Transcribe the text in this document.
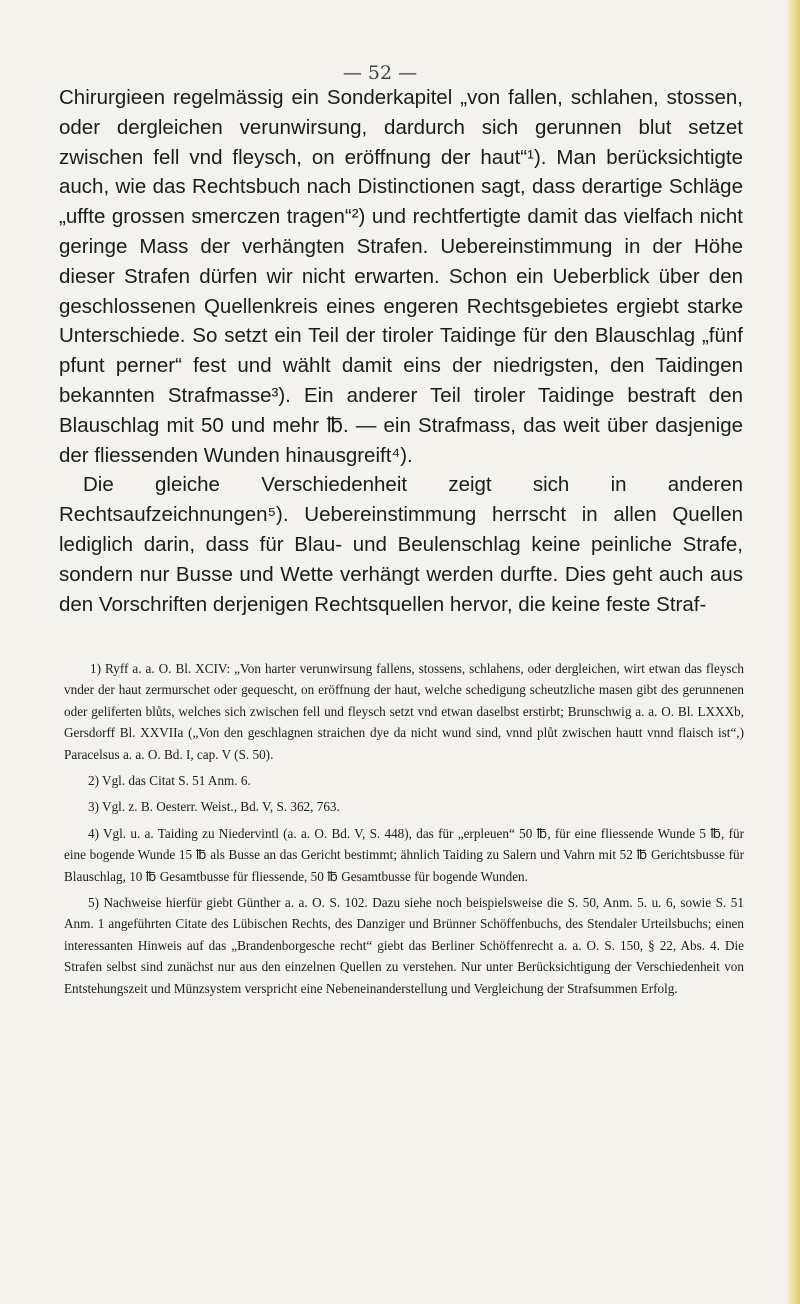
— 52 —

Chirurgieen regelmässig ein Sonderkapitel „von fallen, schlahen, stossen, oder dergleichen verunwirsung, dardurch sich gerunnen blut setzet zwischen fell vnd fleysch, on eröffnung der haut“¹). Man berücksichtigte auch, wie das Rechtsbuch nach Distinctionen sagt, dass derartige Schläge „uffte grossen smerczen tragen“²) und rechtfertigte damit das vielfach nicht geringe Mass der verhängten Strafen. Uebereinstimmung in der Höhe dieser Strafen dürfen wir nicht erwarten. Schon ein Ueberblick über den geschlossenen Quellenkreis eines engeren Rechtsgebietes ergiebt starke Unterschiede. So setzt ein Teil der tiroler Taidinge für den Blauschlag „fünf pfunt perner“ fest und wählt damit eins der niedrigsten, den Taidingen bekannten Strafmasse³). Ein anderer Teil tiroler Taidinge bestraft den Blauschlag mit 50 und mehr ℔. — ein Strafmass, das weit über dasjenige der fliessenden Wunden hinausgreift⁴).

Die gleiche Verschiedenheit zeigt sich in anderen Rechtsaufzeichnungen⁵). Uebereinstimmung herrscht in allen Quellen lediglich darin, dass für Blau- und Beulenschlag keine peinliche Strafe, sondern nur Busse und Wette verhängt werden durfte. Dies geht auch aus den Vorschriften derjenigen Rechtsquellen hervor, die keine feste Straf-

1) Ryff a. a. O. Bl. XCIV: „Von harter verunwirsung fallens, stossens, schlahens, oder dergleichen, wirt etwan das fleysch vnder der haut zermurschet oder gequescht, on eröffnung der haut, welche schedigung scheutzliche masen gibt des gerunnenen oder geliferten blůts, welches sich zwischen fell und fleysch setzt vnd etwan daselbst erstirbt; Brunschwig a. a. O. Bl. LXXXb, Gersdorff Bl. XXVIIa („Von den geschlagnen straichen dye da nicht wund sind, vnnd plůt zwischen hautt vnnd flaisch ist“,) Paracelsus a. a. O. Bd. I, cap. V (S. 50).

2) Vgl. das Citat S. 51 Anm. 6.

3) Vgl. z. B. Oesterr. Weist., Bd. V, S. 362, 763.

4) Vgl. u. a. Taiding zu Niedervintl (a. a. O. Bd. V, S. 448), das für „erpleuen“ 50 ℔, für eine fliessende Wunde 5 ℔, für eine bogende Wunde 15 ℔ als Busse an das Gericht bestimmt; ähnlich Taiding zu Salern und Vahrn mit 52 ℔ Gerichtsbusse für Blauschlag, 10 ℔ Gesamtbusse für fliessende, 50 ℔ Gesamtbusse für bogende Wunden.

5) Nachweise hierfür giebt Günther a. a. O. S. 102. Dazu siehe noch beispielsweise die S. 50, Anm. 5. u. 6, sowie S. 51 Anm. 1 angeführten Citate des Lübischen Rechts, des Danziger und Brünner Schöffenbuchs, des Stendaler Urteilsbuchs; einen interessanten Hinweis auf das „Brandenborgesche recht“ giebt das Berliner Schöffenrecht a. a. O. S. 150, § 22, Abs. 4. Die Strafen selbst sind zunächst nur aus den einzelnen Quellen zu verstehen. Nur unter Berücksichtigung der Verschiedenheit von Entstehungszeit und Münzsystem verspricht eine Nebeneinanderstellung und Vergleichung der Strafsummen Erfolg.
